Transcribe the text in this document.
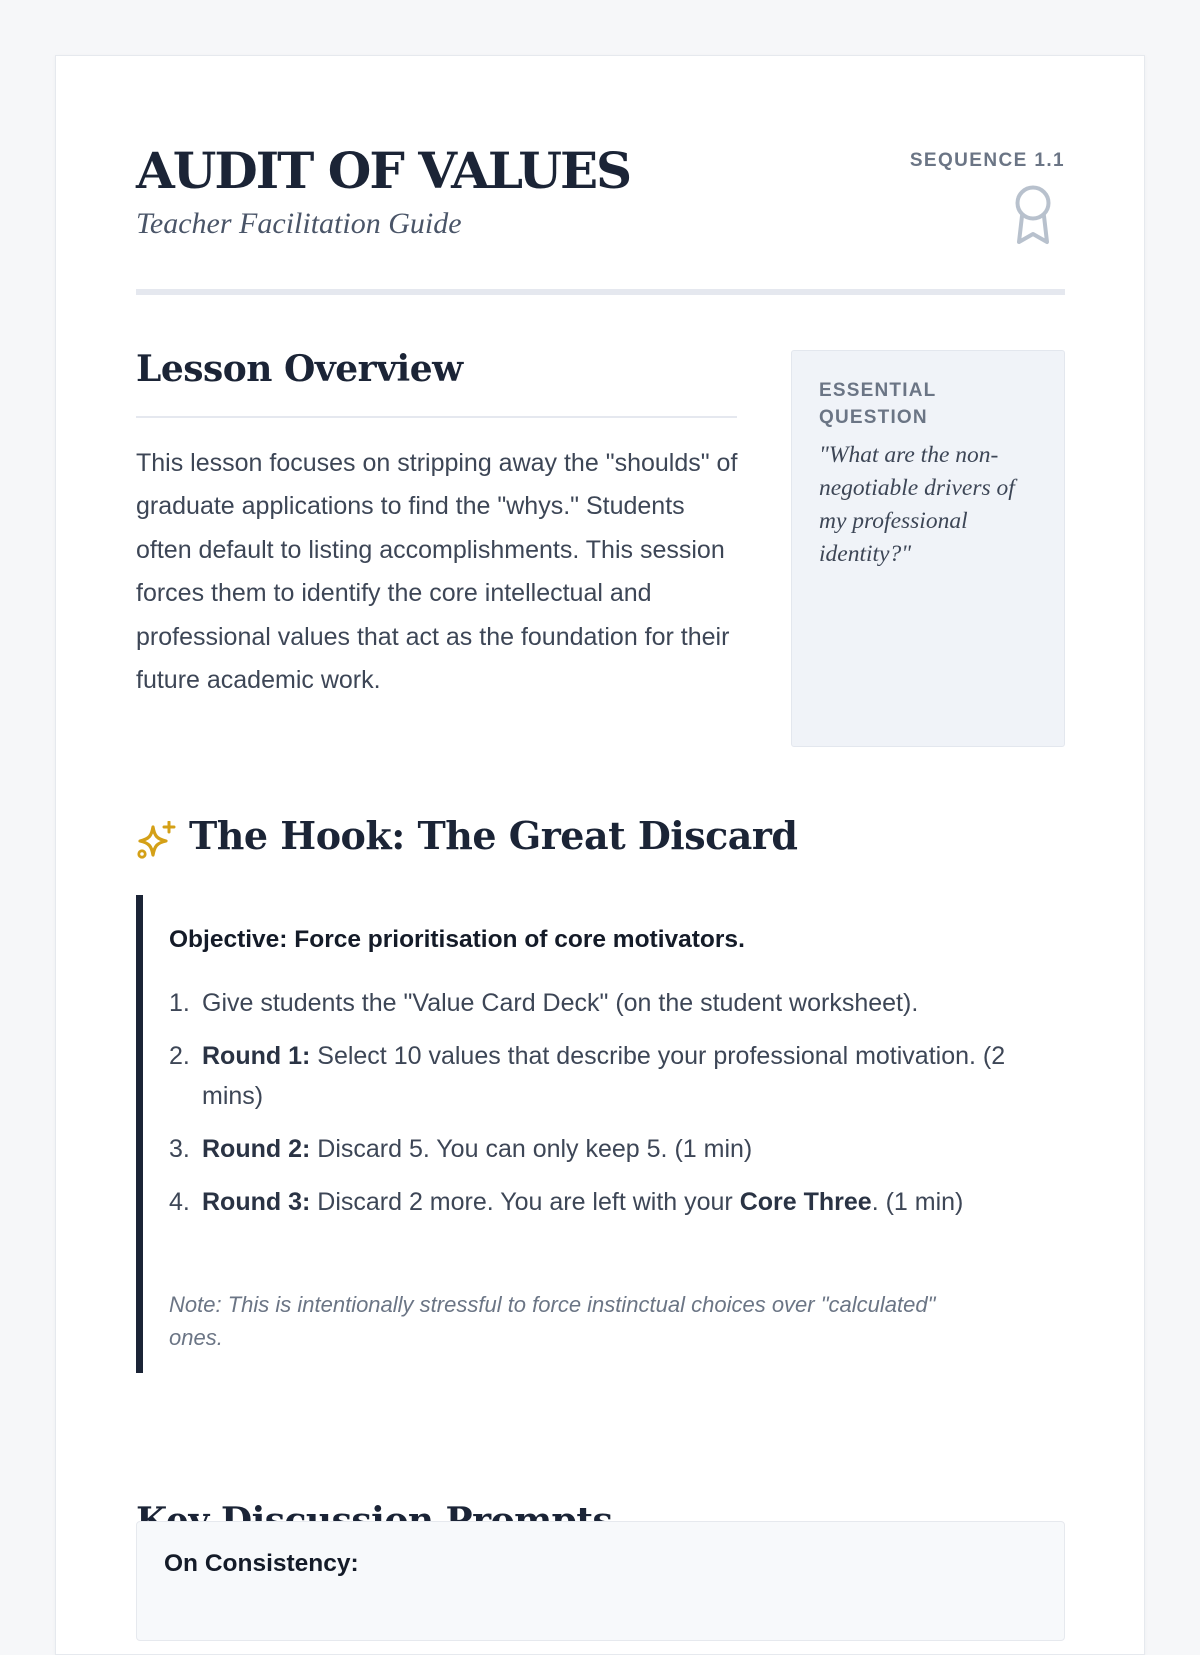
AUDIT OF VALUES
Teacher Facilitation Guide
SEQUENCE 1.1
Lesson Overview

This lesson focuses on stripping away the "shoulds" of graduate applications to find the "whys." Students often default to listing accomplishments. This session forces them to identify the core intellectual and professional values that act as the foundation for their future academic work.

ESSENTIAL QUESTION
"What are the non-negotiable drivers of my professional identity?"
The Hook: The Great Discard

Objective: Force prioritisation of core motivators.

1. Give students the "Value Card Deck" (on the student worksheet).
2. Round 1: Select 10 values that describe your professional motivation. (2 mins)
3. Round 2: Discard 5. You can only keep 5. (1 min)
4. Round 3: Discard 2 more. You are left with your Core Three. (1 min)

Note: This is intentionally stressful to force instinctual choices over "calculated" ones.

On Consistency:
